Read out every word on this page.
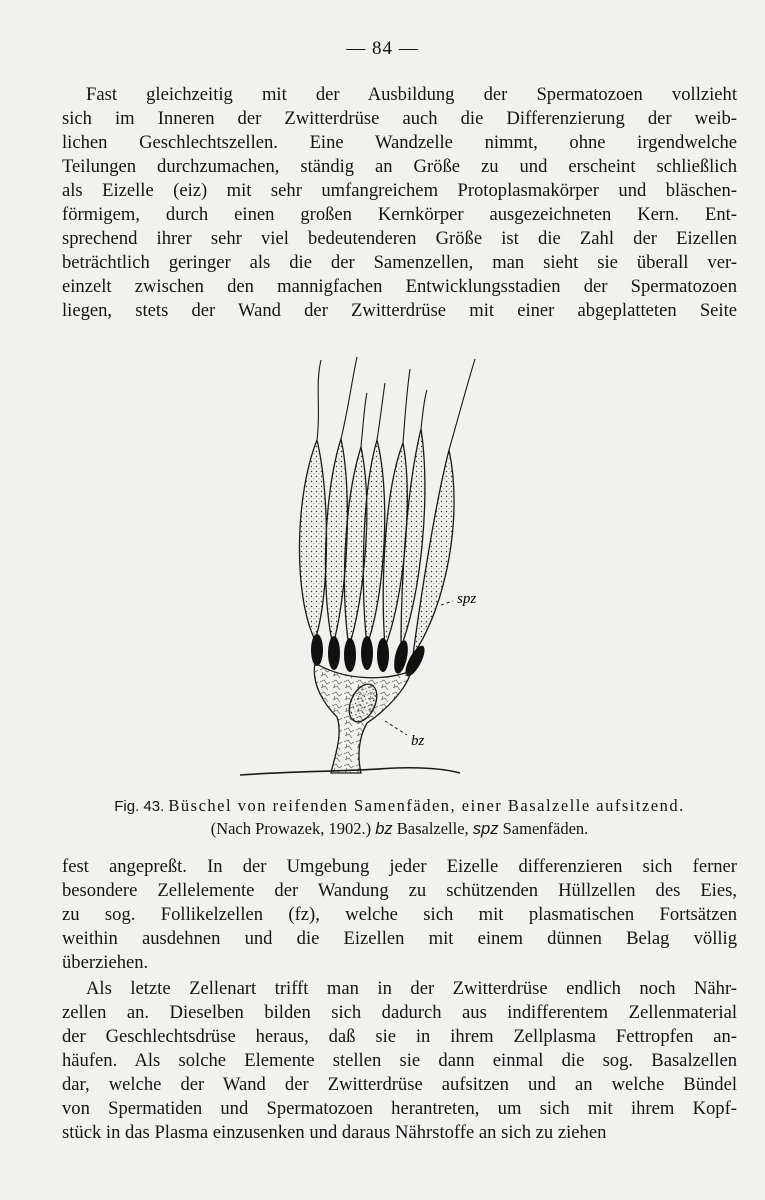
— 84 —
Fast gleichzeitig mit der Ausbildung der Spermatozoen vollzieht
sich im Inneren der Zwitterdrüse auch die Differenzierung der weib-
lichen Geschlechtszellen. Eine Wandzelle nimmt, ohne irgendwelche
Teilungen durchzumachen, ständig an Größe zu und erscheint schließlich
als Eizelle (eiz) mit sehr umfangreichem Protoplasmakörper und bläschen-
förmigem, durch einen großen Kernkörper ausgezeichneten Kern. Ent-
sprechend ihrer sehr viel bedeutenderen Größe ist die Zahl der Eizellen
beträchtlich geringer als die der Samenzellen, man sieht sie überall ver-
einzelt zwischen den mannigfachen Entwicklungsstadien der Spermatozoen
liegen, stets der Wand der Zwitterdrüse mit einer abgeplatteten Seite
spz
bz
Fig. 43. Büschel von reifenden Samenfäden, einer Basalzelle aufsitzend.
(Nach Prowazek, 1902.) bz Basalzelle, spz Samenfäden.
fest angepreßt. In der Umgebung jeder Eizelle differenzieren sich ferner
besondere Zellelemente der Wandung zu schützenden Hüllzellen des Eies,
zu sog. Follikelzellen (fz), welche sich mit plasmatischen Fortsätzen
weithin ausdehnen und die Eizellen mit einem dünnen Belag völlig
überziehen.
Als letzte Zellenart trifft man in der Zwitterdrüse endlich noch Nähr-
zellen an. Dieselben bilden sich dadurch aus indifferentem Zellenmaterial
der Geschlechtsdrüse heraus, daß sie in ihrem Zellplasma Fettropfen an-
häufen. Als solche Elemente stellen sie dann einmal die sog. Basalzellen
dar, welche der Wand der Zwitterdrüse aufsitzen und an welche Bündel
von Spermatiden und Spermatozoen herantreten, um sich mit ihrem Kopf-
stück in das Plasma einzusenken und daraus Nährstoffe an sich zu ziehen
